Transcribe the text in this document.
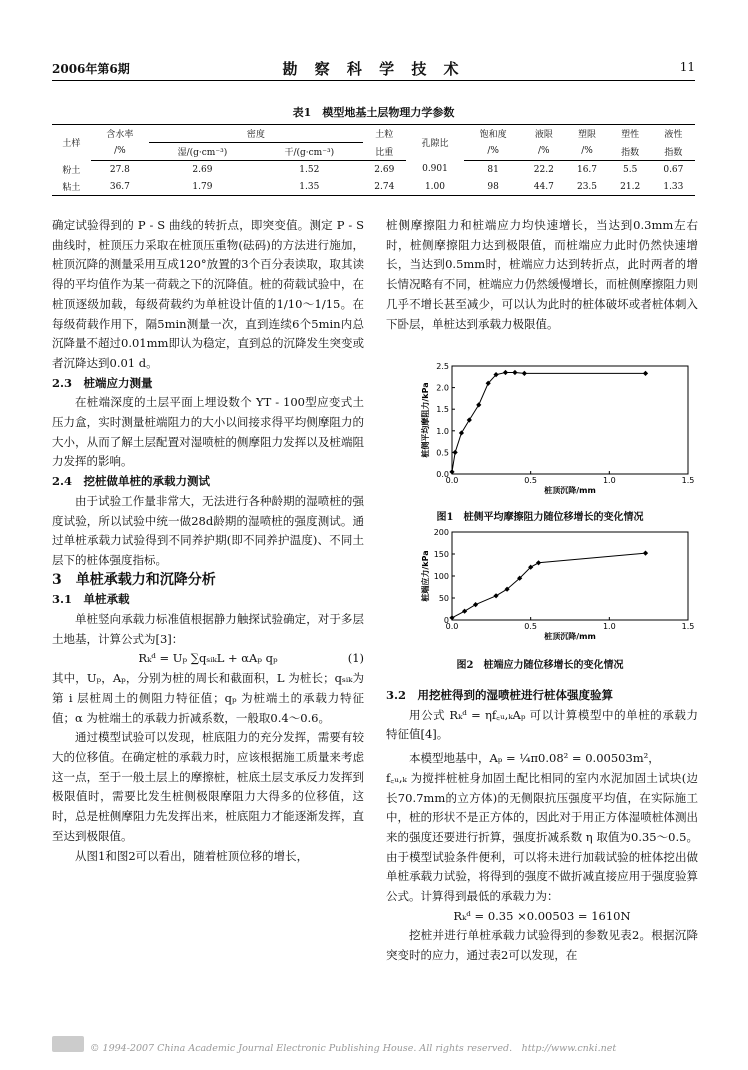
2006年第6期	勘 察 科 学 技 术	11
表1　模型地基土层物理力学参数
土样	含水率	密度		土粒	孔隙比	饱和度	液限	塑限	塑性	液性
	/%	湿/(g·cm⁻³)	干/(g·cm⁻³)	比重		/%	/%	/%	指数	指数
粉土	27.8	2.69	1.52	2.69	0.901	81	22.2	16.7	5.5	0.67
粘土	36.7	1.79	1.35	2.74	1.00	98	44.7	23.5	21.2	1.33

确定试验得到的 P - S 曲线的转折点，即突变值。测定 P - S 曲线时，桩顶压力采取在桩顶压重物(砝码)的方法进行施加，桩顶沉降的测量采用互成120°放置的3个百分表读取，取其读得的平均值作为某一荷载之下的沉降值。桩的荷载试验中，在桩顶逐级加载，每级荷载约为单桩设计值的1/10～1/15。在每级荷载作用下，隔5min测量一次，直到连续6个5min内总沉降量不超过0.01mm即认为稳定，直到总的沉降发生突变或者沉降达到0.01 d。

2.3　桩端应力测量

在桩端深度的土层平面上埋设数个 YT - 100型应变式土压力盒，实时测量桩端阻力的大小以间接求得平均侧摩阻力的大小，从而了解土层配置对湿喷桩的侧摩阻力发挥以及桩端阻力发挥的影响。

2.4　挖桩做单桩的承载力测试

由于试验工作量非常大，无法进行各种龄期的湿喷桩的强度试验，所以试验中统一做28d龄期的湿喷桩的强度测试。通过单桩承载力试验得到不同养护期(即不同养护温度)、不同土层下的桩体强度指标。

3　单桩承载力和沉降分析

3.1　单桩承载

单桩竖向承载力标准值根据静力触探试验确定，对于多层土地基，计算公式为[3]：

Rₖᵈ = Uₚ ∑qₛᵢₖL + αAₚ qₚ	(1)

其中，Uₚ，Aₚ，分别为桩的周长和截面积，L 为桩长；qₛᵢₖ为第 i 层桩周土的侧阻力特征值；qₚ 为桩端土的承载力特征值；α 为桩端土的承载力折减系数，一般取0.4～0.6。

通过模型试验可以发现，桩底阻力的充分发挥，需要有较大的位移值。在确定桩的承载力时，应该根据施工质量来考虑这一点，至于一般土层上的摩擦桩，桩底土层支承反力发挥到极限值时，需要比发生桩侧极限摩阻力大得多的位移值，这时，总是桩侧摩阻力先发挥出来，桩底阻力才能逐渐发挥，直至达到极限值。

从图1和图2可以看出，随着桩顶位移的增长，

桩侧摩擦阻力和桩端应力均快速增长，当达到0.3mm左右时，桩侧摩擦阻力达到极限值，而桩端应力此时仍然快速增长，当达到0.5mm时，桩端应力达到转折点，此时两者的增长情况略有不同，桩端应力仍然缓慢增长，而桩侧摩擦阻力则几乎不增长甚至减少，可以认为此时的桩体破坏或者桩体刺入下卧层，单桩达到承载力极限值。

0.0	0.5	1.0	1.5
0.0
0.5
1.0
1.5
2.0
2.5
桩顶沉降/mm
桩侧平均摩阻力/kPa
图1　桩侧平均摩擦阻力随位移增长的变化情况
0.0	0.5	1.0	1.5
0
50
100
150
200
桩顶沉降/mm
桩端应力/kPa
图2　桩端应力随位移增长的变化情况

3.2　用挖桩得到的湿喷桩进行桩体强度验算

用公式 Rₖᵈ = ηf꜀ᵤ,ₖAₚ 可以计算模型中的单桩的承载力特征值[4]。

本模型地基中，Aₚ = ¼π0.08² = 0.00503m²，

f꜀ᵤ,ₖ 为搅拌桩桩身加固土配比相同的室内水泥加固土试块(边长70.7mm的立方体)的无侧限抗压强度平均值，在实际施工中，桩的形状不是正方体的，因此对于用正方体湿喷桩体测出来的强度还要进行折算，强度折减系数 η 取值为0.35～0.5。由于模型试验条件便利，可以将未进行加载试验的桩体挖出做单桩承载力试验，将得到的强度不做折减直接应用于强度验算公式。计算得到最低的承载力为：

Rₖᵈ = 0.35 ×0.00503 = 1610N

挖桩并进行单桩承载力试验得到的参数见表2。根据沉降突变时的应力，通过表2可以发现，在

© 1994-2007 China Academic Journal Electronic Publishing House. All rights reserved.　http://www.cnki.net
